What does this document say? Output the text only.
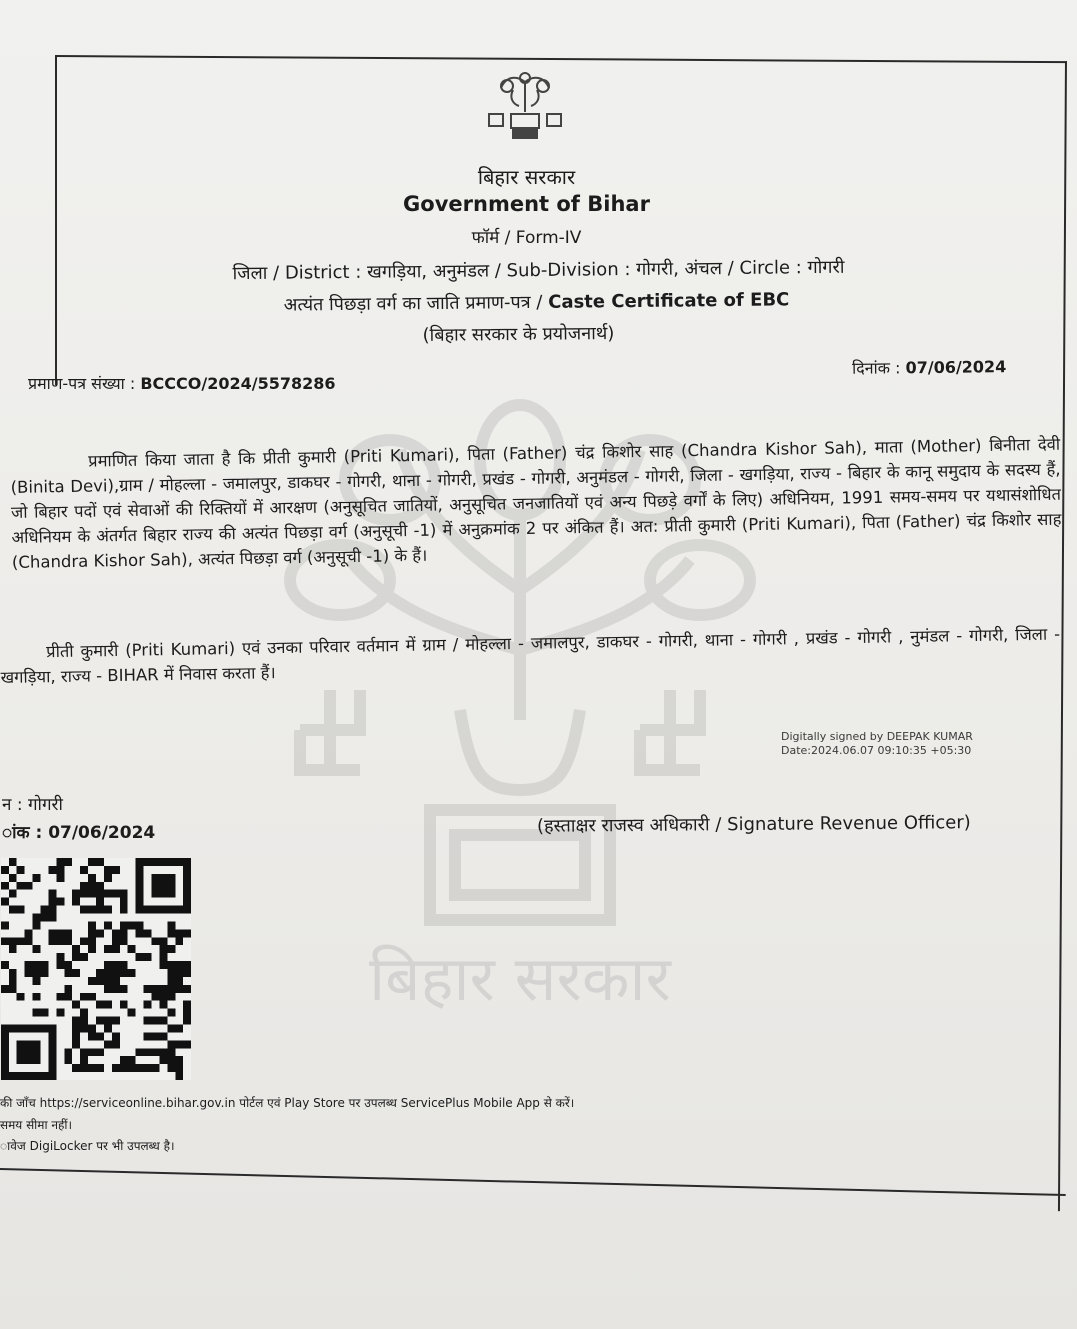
बिहार सरकार
बिहार सरकार
Government of Bihar
फॉर्म / Form-IV
जिला / District : खगड़िया, अनुमंडल / Sub-Division : गोगरी, अंचल / Circle : गोगरी
अत्यंत पिछड़ा वर्ग का जाति प्रमाण-पत्र / Caste Certificate of EBC
(बिहार सरकार के प्रयोजनार्थ)
प्रमाण-पत्र संख्या : BCCCO/2024/5578286
दिनांक : 07/06/2024
प्रमाणित किया जाता है कि प्रीती कुमारी (Priti Kumari), पिता (Father) चंद्र किशोर साह (Chandra Kishor Sah), माता (Mother) बिनीता देवी (Binita Devi),ग्राम / मोहल्ला - जमालपुर, डाकघर - गोगरी, थाना - गोगरी, प्रखंड - गोगरी, अनुमंडल - गोगरी, जिला - खगड़िया, राज्य - बिहार के कानू समुदाय के सदस्य हैं, जो बिहार पदों एवं सेवाओं की रिक्तियों में आरक्षण (अनुसूचित जातियों, अनुसूचित जनजातियों एवं अन्य पिछड़े वर्गों के लिए) अधिनियम, 1991 समय-समय पर यथासंशोधित अधिनियम के अंतर्गत बिहार राज्य की अत्यंत पिछड़ा वर्ग (अनुसूची -1) में अनुक्रमांक 2 पर अंकित हैं। अत: प्रीती कुमारी (Priti Kumari), पिता (Father) चंद्र किशोर साह (Chandra Kishor Sah), अत्यंत पिछड़ा वर्ग (अनुसूची -1) के हैं।
प्रीती कुमारी (Priti Kumari) एवं उनका परिवार वर्तमान में ग्राम / मोहल्ला - जमालपुर, डाकघर - गोगरी, थाना - गोगरी , प्रखंड - गोगरी , नुमंडल - गोगरी, जिला - खगड़िया, राज्य - BIHAR में निवास करता हैं।
Digitally signed by DEEPAK KUMAR
Date:2024.06.07 09:10:35 +05:30
न : गोगरी
ांक : 07/06/2024	(हस्ताक्षर राजस्व अधिकारी / Signature Revenue Officer)
की जाँच https://serviceonline.bihar.gov.in पोर्टल एवं Play Store पर उपलब्ध ServicePlus Mobile App से करें।
समय सीमा नहीं।
ावेज DigiLocker पर भी उपलब्ध है।
